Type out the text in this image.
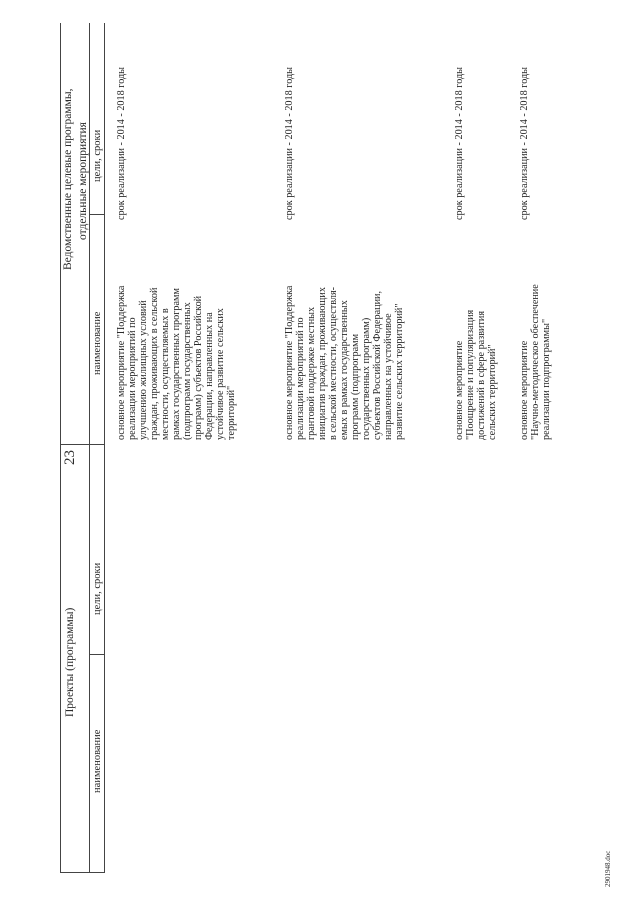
23
Проекты (программы)
Ведомственные целевые программы, отдельные мероприятия
наименование
цели, сроки
наименование
цели, сроки
основное мероприятие "Поддержка реализации мероприятий по улучшению жилищных условий граждан, проживающих в сельской местности, осуществляемых в рамках государственных программ (подпрограмм государственных программ) субъектов Российской Федерации, направленных на устойчивое развитие сельских территорий"
срок реализации - 2014 - 2018 годы
основное мероприятие "Поддержка реализации мероприятий по грантовой поддержке местных инициатив граждан, проживающих в сельской местности, осуществля- емых в рамках государственных программ (подпрограмм государственных программ) субъектов Российской Федерации, направленных на устойчивое развитие сельских территорий"
срок реализации - 2014 - 2018 годы
основное мероприятие "Поощрение и популяризация достижений в сфере развития сельских территорий"
срок реализации - 2014 - 2018 годы
основное мероприятие "Научно-методическое обеспечение реализации подпрограммы"
срок реализации - 2014 - 2018 годы
2901948.doc
